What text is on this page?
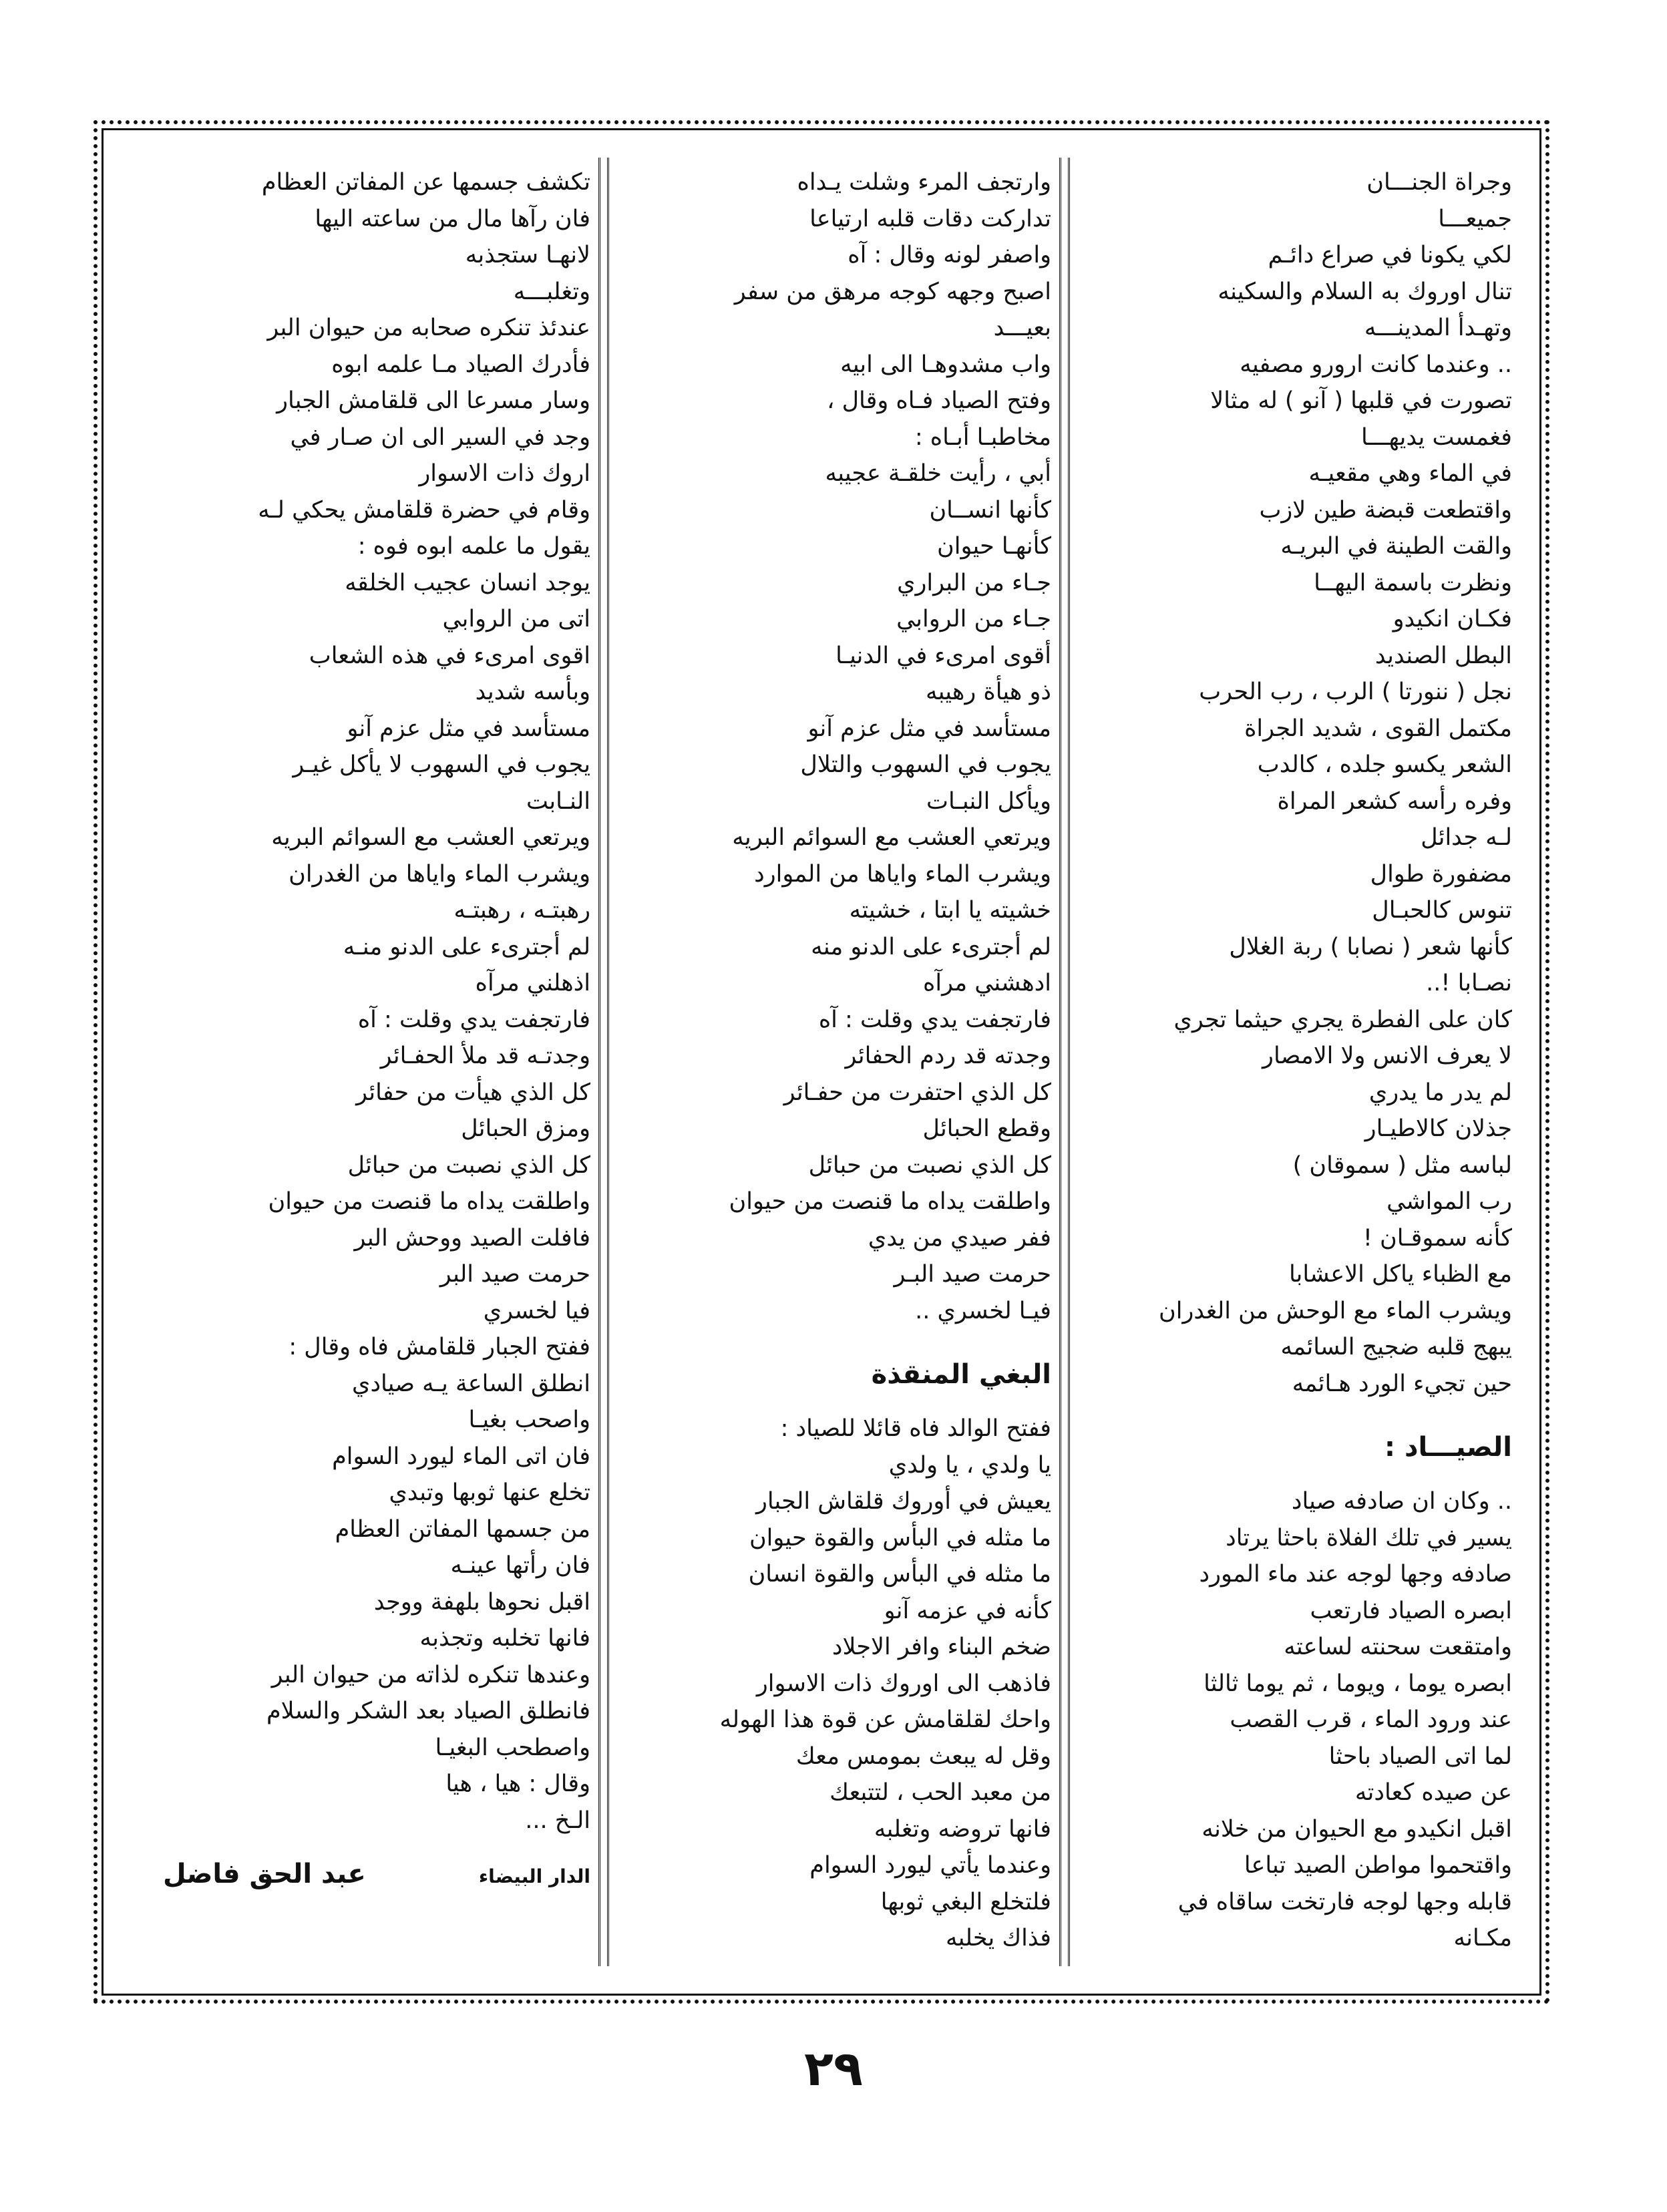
وجراة الجنـــان
جميعـــا
لكي يكونا في صراع دائـم
تنال اوروك به السلام والسكينه
وتهـدأ المدينـــه
.. وعندما كانت ارورو مصفيه
تصورت في قلبها ( آنو ) له مثالا
فغمست يديهـــا
في الماء وهي مقعيـه
واقتطعت قبضة طين لازب
والقت الطينة في البريـه
ونظرت باسمة اليهــا
فكـان انكيدو
البطل الصنديد
نجل ( ننورتا ) الرب ، رب الحرب
مكتمل القوى ، شديد الجراة
الشعر يكسو جلده ، كالدب
وفره رأسه كشعر المراة
لـه جدائل
مضفورة طوال
تنوس كالحبـال
كأنها شعر ( نصابا ) ربة الغلال
نصـابا !..
كان على الفطرة يجري حيثما تجري
لا يعرف الانس ولا الامصار
لم يدر ما يدري
جذلان كالاطيـار
لباسه مثل ( سموقان )
رب المواشي
كأنه سموقـان !
مع الظباء ياكل الاعشابا
ويشرب الماء مع الوحش من الغدران
يبهج قلبه ضجيج السائمه
حين تجيء الورد هـائمه
الصيـــاد :
.. وكان ان صادفه صياد
يسير في تلك الفلاة باحثا يرتاد
صادفه وجها لوجه عند ماء المورد
ابصره الصياد فارتعب
وامتقعت سحنته لساعته
ابصره يوما ، ويوما ، ثم يوما ثالثا
عند ورود الماء ، قرب القصب
لما اتى الصياد باحثا
عن صيده كعادته
اقبل انكيدو مع الحيوان من خلانه
واقتحموا مواطن الصيد تباعا
قابله وجها لوجه فارتخت ساقاه في
مكـانه
وارتجف المرء وشلت يـداه
تداركت دقات قلبه ارتياعا
واصفر لونه وقال : آه
اصبح وجهه كوجه مرهق من سفر
بعيـــد
واب مشدوهـا الى ابيه
وفتح الصياد فـاه وقال ،
مخاطبـا أبـاه :
أبي ، رأيت خلقـة عجيبه
كأنها انســان
كأنهـا حيوان
جـاء من البراري
جـاء من الروابي
أقوى امرىء في الدنيـا
ذو هيأة رهيبه
مستأسد في مثل عزم آنو
يجوب في السهوب والتلال
ويأكل النبـات
ويرتعي العشب مع السوائم البريه
ويشرب الماء واياها من الموارد
خشيته يا ابتا ، خشيته
لم أجترىء على الدنو منه
ادهشني مرآه
فارتجفت يدي وقلت : آه
وجدته قد ردم الحفائر
كل الذي احتفرت من حفـائر
وقطع الحبائل
كل الذي نصبت من حبائل
واطلقت يداه ما قنصت من حيوان
ففر صيدي من يدي
حرمت صيد البـر
فيـا لخسري ..
البغي المنقذة
ففتح الوالد فاه قائلا للصياد :
يا ولدي ، يا ولدي
يعيش في أوروك قلقاش الجبار
ما مثله في البأس والقوة حيوان
ما مثله في البأس والقوة انسان
كأنه في عزمه آنو
ضخم البناء وافر الاجلاد
فاذهب الى اوروك ذات الاسوار
واحك لقلقامش عن قوة هذا الهوله
وقل له يبعث بمومس معك
من معبد الحب ، لتتبعك
فانها تروضه وتغلبه
وعندما يأتي ليورد السوام
فلتخلع البغي ثوبها
فذاك يخلبه
تكشف جسمها عن المفاتن العظام
فان رآها مال من ساعته اليها
لانهـا ستجذبه
وتغلبـــه
عندئذ تنكره صحابه من حيوان البر
فأدرك الصياد مـا علمه ابوه
وسار مسرعا الى قلقامش الجبار
وجد في السير الى ان صـار في
اروك ذات الاسوار
وقام في حضرة قلقامش يحكي لـه
يقول ما علمه ابوه فوه :
يوجد انسان عجيب الخلقه
اتى من الروابي
اقوى امرىء في هذه الشعاب
وبأسه شديد
مستأسد في مثل عزم آنو
يجوب في السهوب لا يأكل غيـر
النـابت
ويرتعي العشب مع السوائم البريه
ويشرب الماء واياها من الغدران
رهبتـه ، رهبتـه
لم أجترىء على الدنو منـه
اذهلني مرآه
فارتجفت يدي وقلت : آه
وجدتـه قد ملأ الحفـائر
كل الذي هيأت من حفائر
ومزق الحبائل
كل الذي نصبت من حبائل
واطلقت يداه ما قنصت من حيوان
فافلت الصيد ووحش البر
حرمت صيد البر
فيا لخسري
ففتح الجبار قلقامش فاه وقال :
انطلق الساعة يـه صيادي
واصحب بغيـا
فان اتى الماء ليورد السوام
تخلع عنها ثوبها وتبدي
من جسمها المفاتن العظام
فان رأتها عينـه
اقبل نحوها بلهفة ووجد
فانها تخلبه وتجذبه
وعندها تنكره لذاته من حيوان البر
فانطلق الصياد بعد الشكر والسلام
واصطحب البغيـا
وقال : هيا ، هيا
الـخ ...
الدار البيضاء
عبد الحق فاضل
٢٩
